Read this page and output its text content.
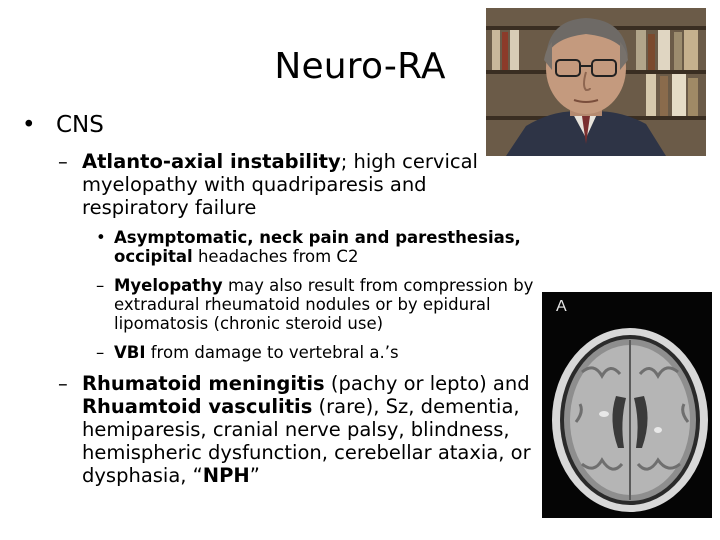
Neuro-RA
• CNS
– Atlanto-axial instability; high cervical myelopathy with quadriparesis and respiratory failure
• Asymptomatic, neck pain and paresthesias, occipital headaches from C2
– Myelopathy may also result from compression by extradural rheumatoid nodules or by epidural lipomatosis (chronic steroid use)
– VBI from damage to vertebral a.’s
– Rhumatoid meningitis (pachy or lepto) and Rhuamtoid vasculitis (rare), Sz, dementia, hemiparesis, cranial nerve palsy, blindness, hemispheric dysfunction, cerebellar ataxia, or dysphasia, “NPH”
A
